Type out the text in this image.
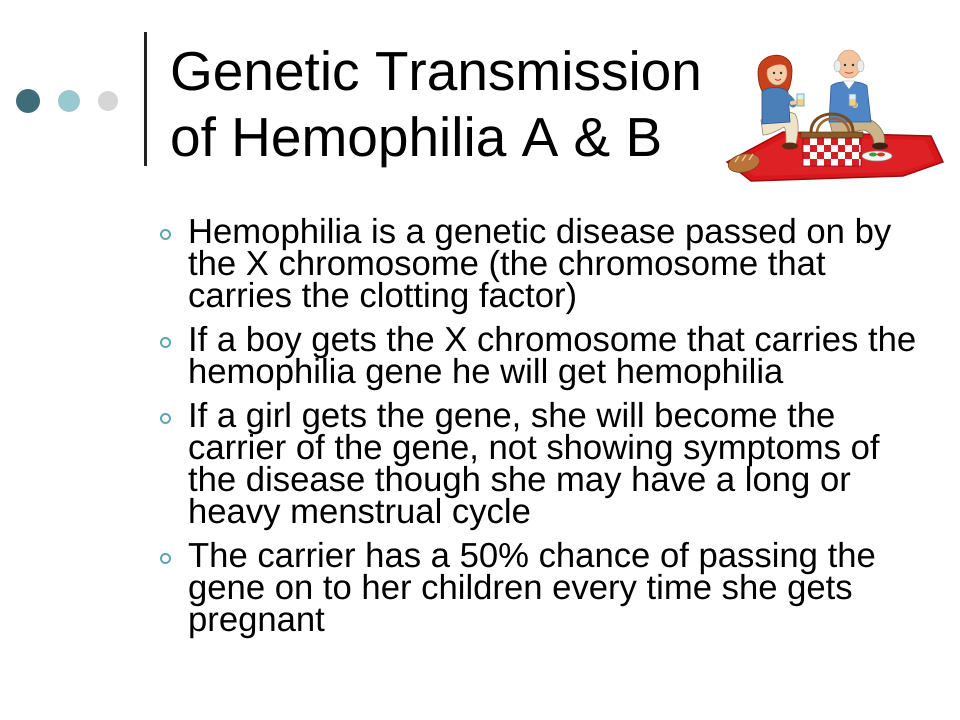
Genetic Transmission of Hemophilia A & B
Hemophilia is a genetic disease passed on by the X chromosome (the chromosome that carries the clotting factor)
If a boy gets the X chromosome that carries the hemophilia gene he will get hemophilia
If a girl gets the gene, she will become the carrier of the gene, not showing symptoms of the disease though she may have a long or heavy menstrual cycle
The carrier has a 50% chance of passing the gene on to her children every time she gets pregnant
